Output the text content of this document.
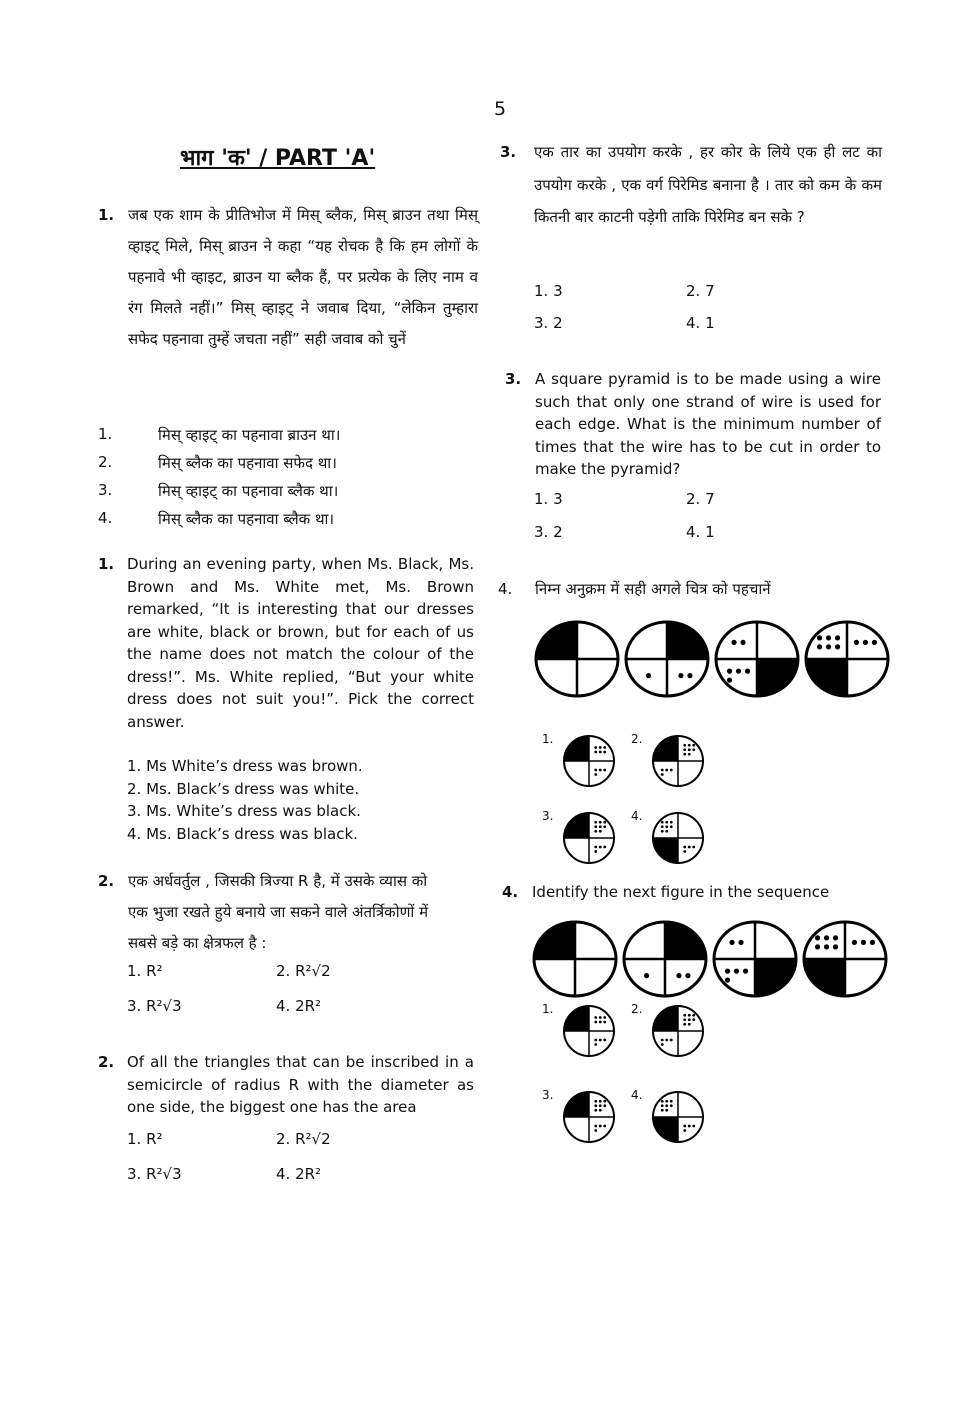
5
भाग 'क' / PART 'A'
1. जब एक शाम के प्रीतिभोज में मिस् ब्लैक, मिस् ब्राउन तथा मिस् व्हाइट् मिले, मिस् ब्राउन ने कहा “यह रोचक है कि हम लोगों के पहनावे भी व्हाइट, ब्राउन या ब्लैक हैं, पर प्रत्येक के लिए नाम व रंग मिलते नहीं।” मिस् व्हाइट् ने जवाब दिया, “लेकिन तुम्हारा सफेद पहनावा तुम्हें जचता नहीं” सही जवाब को चुनें
1.	मिस् व्हाइट् का पहनावा ब्राउन था।
2.	मिस् ब्लैक का पहनावा सफेद था।
3.	मिस् व्हाइट् का पहनावा ब्लैक था।
4.	मिस् ब्लैक का पहनावा ब्लैक था।
1. During an evening party, when Ms. Black, Ms. Brown and Ms. White met, Ms. Brown remarked, “It is interesting that our dresses are white, black or brown, but for each of us the name does not match the colour of the dress!”. Ms. White replied, “But your white dress does not suit you!”. Pick the correct answer.
1. Ms White’s dress was brown.
2. Ms. Black’s dress was white.
3. Ms. White’s dress was black.
4. Ms. Black’s dress was black.
2. एक अर्धवर्तुल , जिसकी त्रिज्या R है, में उसके व्यास को एक भुजा रखते हुये बनाये जा सकने वाले अंतर्त्रिकोणों में सबसे बड़े का क्षेत्रफल है :
1. R²	2. R²√2
3. R²√3	4. 2R²
2. Of all the triangles that can be inscribed in a semicircle of radius R with the diameter as one side, the biggest one has the area
1. R²	2. R²√2
3. R²√3	4. 2R²
3. एक तार का उपयोग करके , हर कोर के लिये एक ही लट का उपयोग करके , एक वर्ग पिरेमिड बनाना है । तार को कम के कम कितनी बार काटनी पड़ेगी ताकि पिरेमिड बन सके ?
1. 3	2. 7
3. 2	4. 1
3. A square pyramid is to be made using a wire such that only one strand of wire is used for each edge. What is the minimum number of times that the wire has to be cut in order to make the pyramid?
1. 3	2. 7
3. 2	4. 1
4. निम्न अनुक्रम में सही अगले चित्र को पहचानें
4. Identify the next figure in the sequence
1.	2.
3.	4.
1.	2.
3.	4.
